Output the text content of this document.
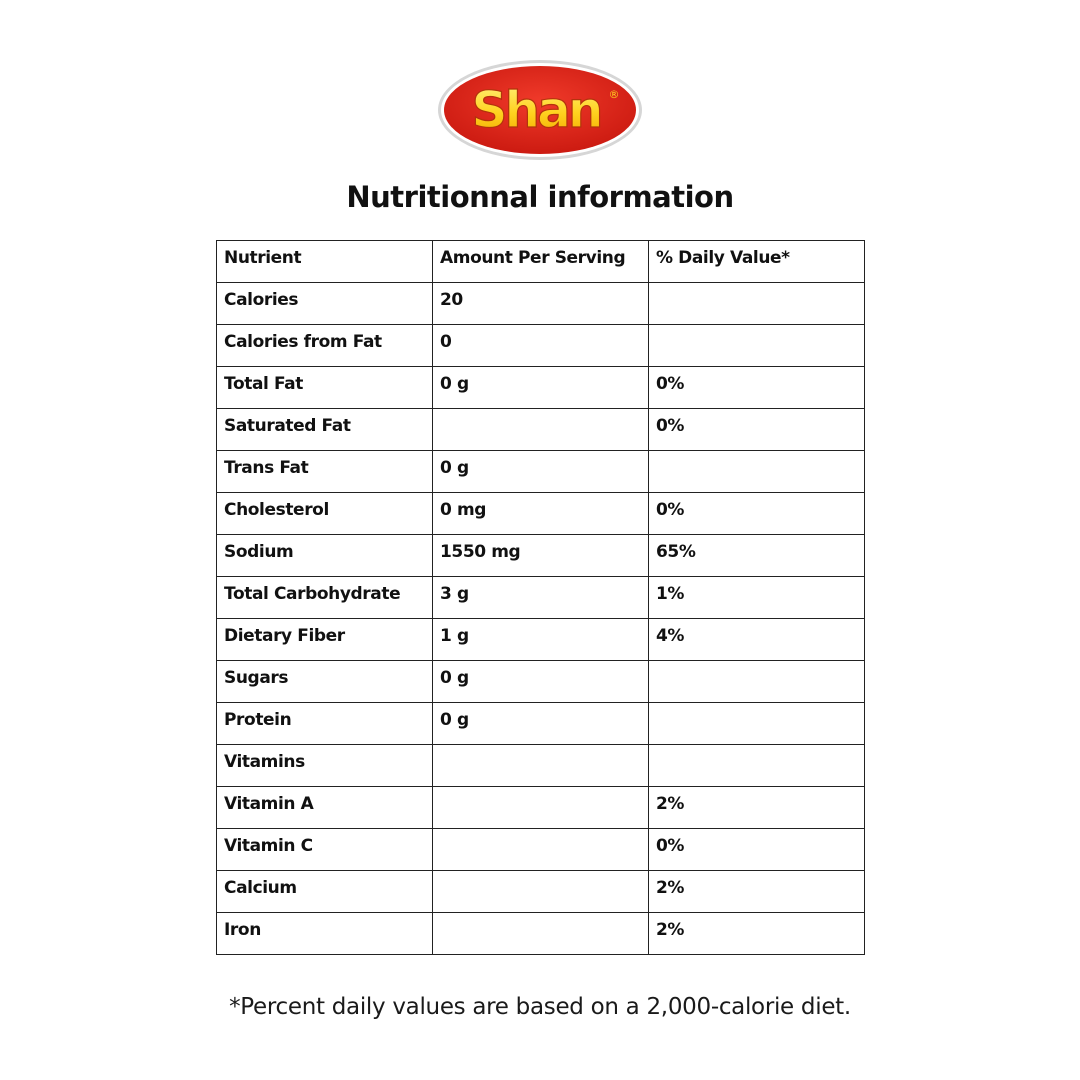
Shan ®
Nutritionnal information
Nutrient	Amount Per Serving	% Daily Value*
Calories	20	
Calories from Fat	0	
Total Fat	0 g	0%
Saturated Fat		0%
Trans Fat	0 g	
Cholesterol	0 mg	0%
Sodium	1550 mg	65%
Total Carbohydrate	3 g	1%
Dietary Fiber	1 g	4%
Sugars	0 g	
Protein	0 g	
Vitamins		
Vitamin A		2%
Vitamin C		0%
Calcium		2%
Iron		2%
*Percent daily values are based on a 2,000-calorie diet.
